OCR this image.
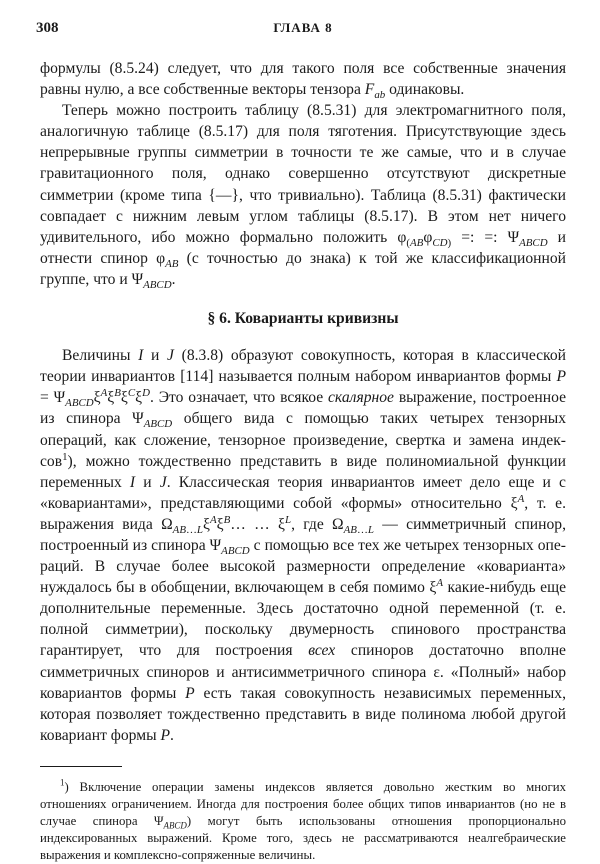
308	ГЛАВА 8

формулы (8.5.24) следует, что для такого поля все собственные значения равны нулю, а все собственные векторы тензора $F_{ab}$ одинаковы.

Теперь можно построить таблицу (8.5.31) для электромагнитного поля, аналогичную таблице (8.5.17) для поля тяготения. Присутствующие здесь непрерывные группы симметрии в точности те же самые, что и в случае гравитационного поля, однако совершенно отсутствуют дискретные симметрии (кроме типа {—}, что тривиально). Таблица (8.5.31) фактически совпадает с нижним левым углом таблицы (8.5.17). В этом нет ничего удивительного, ибо можно формально положить $\varphi_{(AB}\varphi_{CD)}$ =: =: $\Psi_{ABCD}$ и отнести спинор $\varphi_{AB}$ (с точностью до знака) к той же классификационной группе, что и $\Psi_{ABCD}$.

§ 6. Коварианты кривизны

Величины I и J (8.3.8) образуют совокупность, которая в классической теории инвариантов [114] называется полным набором инвариантов формы $P = \Psi_{ABCD}\xi^A\xi^B\xi^C\xi^D$. Это означает, что всякое скалярное выражение, построенное из спинора $\Psi_{ABCD}$ общего вида с помощью таких четырех тензорных операций, как сложение, тензорное произведение, свертка и замена индексов$^1$), можно тождественно представить в виде полиномиальной функции переменных I и J. Классическая теория инвариантов имеет дело еще и с «ковариантами», представляющими собой «формы» относительно $\xi^A$, т. е. выражения вида $\Omega_{AB\dots L}\xi^A\xi^B\dots$ … $\xi^L$, где $\Omega_{AB\dots L}$ — симметричный спинор, построенный из спинора $\Psi_{ABCD}$ с помощью все тех же четырех тензорных операций. В случае более высокой размерности определение «коварианта» нуждалось бы в обобщении, включающем в себя помимо $\xi^A$ какие-нибудь еще дополнительные переменные. Здесь достаточно одной переменной (т. е. полной симметрии), поскольку двумерность спинового пространства гарантирует, что для построения всех спиноров достаточно вполне симметричных спиноров и антисимметричного спинора ε. «Полный» набор ковариантов формы P есть такая совокупность независимых переменных, которая позволяет тождественно представить в виде полинома любой другой ковариант формы P.

$^1$) Включение операции замены индексов является довольно жестким во многих отношениях ограничением. Иногда для построения более общих типов инвариантов (но не в случае спинора $\Psi_{ABCD}$) могут быть использованы отношения пропорционально индексированных выражений. Кроме того, здесь не рассматриваются неалгебраические выражения и комплексно-сопряженные величины.
